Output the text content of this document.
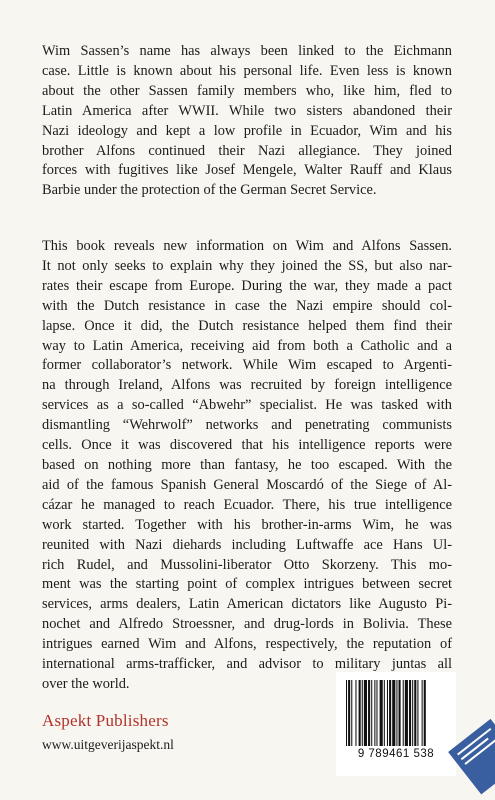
Wim Sassen’s name has always been linked to the Eichmann
case. Little is known about his personal life. Even less is known
about the other Sassen family members who, like him, fled to
Latin America after WWII. While two sisters abandoned their
Nazi ideology and kept a low profile in Ecuador, Wim and his
brother Alfons continued their Nazi allegiance. They joined
forces with fugitives like Josef Mengele, Walter Rauff and Klaus
Barbie under the protection of the German Secret Service.
This book reveals new information on Wim and Alfons Sassen.
It not only seeks to explain why they joined the SS, but also nar-
rates their escape from Europe. During the war, they made a pact
with the Dutch resistance in case the Nazi empire should col-
lapse. Once it did, the Dutch resistance helped them find their
way to Latin America, receiving aid from both a Catholic and a
former collaborator’s network. While Wim escaped to Argenti-
na through Ireland, Alfons was recruited by foreign intelligence
services as a so-called “Abwehr” specialist. He was tasked with
dismantling “Wehrwolf” networks and penetrating communists
cells. Once it was discovered that his intelligence reports were
based on nothing more than fantasy, he too escaped. With the
aid of the famous Spanish General Moscardó of the Siege of Al-
cázar he managed to reach Ecuador. There, his true intelligence
work started. Together with his brother-in-arms Wim, he was
reunited with Nazi diehards including Luftwaffe ace Hans Ul-
rich Rudel, and Mussolini-liberator Otto Skorzeny. This mo-
ment was the starting point of complex intrigues between secret
services, arms dealers, Latin American dictators like Augusto Pi-
nochet and Alfredo Stroessner, and drug-lords in Bolivia. These
intrigues earned Wim and Alfons, respectively, the reputation of
international arms-trafficker, and advisor to military juntas all
over the world.
Aspekt Publishers
www.uitgeverijaspekt.nl
9 789461 538
